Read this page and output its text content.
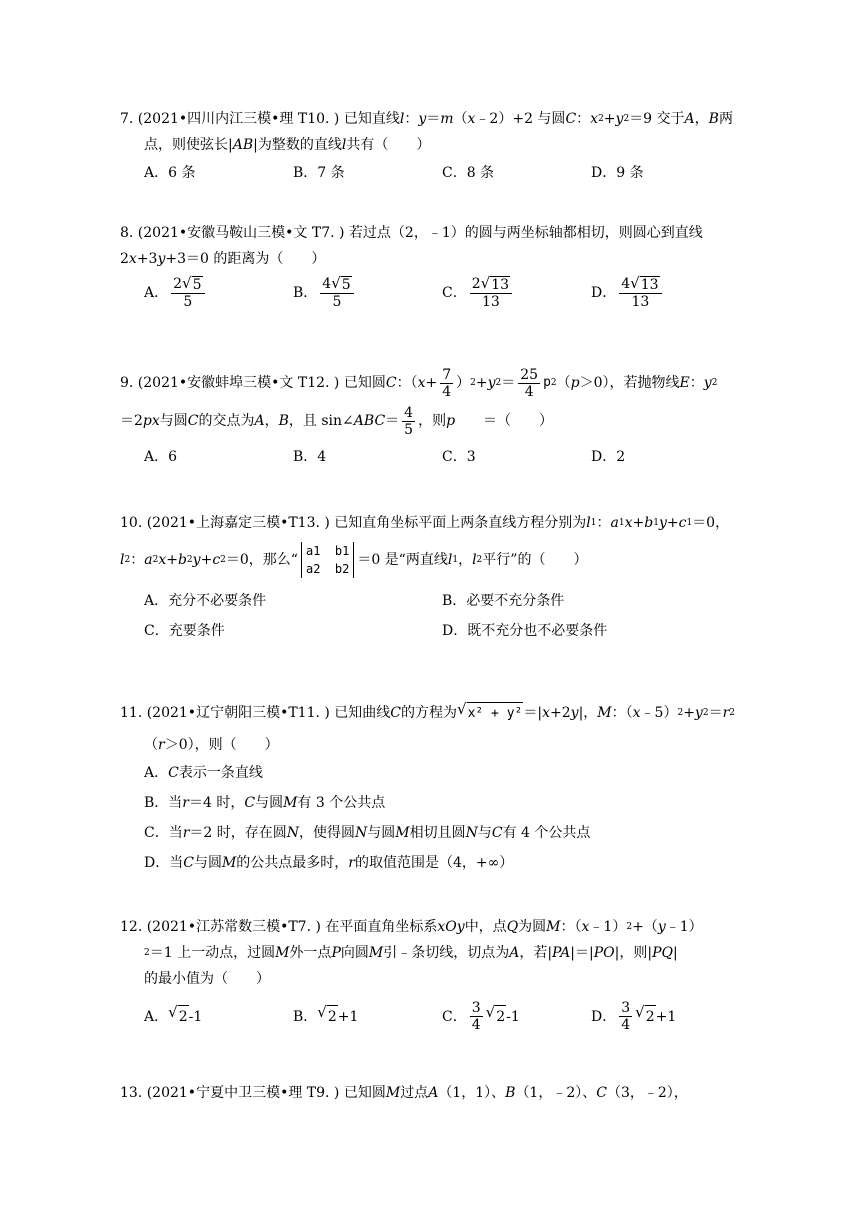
7. (2021•四川内江三模•理 T10. ) 已知直线 l ： y ＝ m （ x ﹣2）+2 与圆 C ： x 2 + y 2 ＝9 交于 A ， B 两
点，则使弦长| AB |为整数的直线 l 共有（　　）
A．6 条	B．7 条	C．8 条	D．9 条
8. (2021•安徽马鞍山三模•文 T7. ) 若过点（2，﹣1）的圆与两坐标轴都相切，则圆心到直线
2 x +3 y +3＝0 的距离为（　　）
A． $\frac{2 √ 5}{5}$	B． $\frac{4 √ 5}{5}$	C． $\frac{2 √ 13}{13}$	D． $\frac{4 √ 13}{13}$
9. (2021•安徽蚌埠三模•文 T12. ) 已知圆 C ：（ $x + \frac{7}{4}$ ） 2 + y $2 = \frac{25}{4}$ p 2 （ p ＞0），若抛物线 E ： y 2
＝2 px 与圆 C 的交点为 A ， B ，且 sin∠ ABC ＝ $\frac{4}{5}$ ，则 p 　　＝（　　）
A．6	B．4	C．3	D．2
10. (2021•上海嘉定三模•T13. ) 已知直角坐标平面上两条直线方程分别为 l 1 ： a 1 x + b 1 y + c 1 ＝0，
l 2 ： a 2 x + b 2 y + c 2 ＝0，那么“
a1  b1
a2  b2
＝0 是“两直线 l 1 ， l 2 平行”的（　　）
A．充分不必要条件	B．必要不充分条件
C．充要条件	D．既不充分也不必要条件
11. (2021•辽宁朝阳三模•T11. ) 已知曲线 C 的方程为 √ x² + y² ＝| x +2 y |， M ：（ x ﹣5） 2 + y 2 ＝ r 2
（ r ＞0），则（　　）
A． C 表示一条直线
B．当 r ＝4 时， C 与圆 M 有 3 个公共点
C．当 r ＝2 时，存在圆 N ，使得圆 N 与圆 M 相切且圆 N 与 C 有 4 个公共点
D．当 C 与圆 M 的公共点最多时， r 的取值范围是（4，+∞）
12. (2021•江苏常数三模•T7. ) 在平面直角坐标系 xOy 中，点 Q 为圆 M ：（ x ﹣1） 2 +（ y ﹣1）
2 ＝1 上一动点，过圆 M 外一点 P 向圆 M 引﹣条切线，切点为 A ，若| PA |＝| PO |，则| PQ |
的最小值为（　　）
A． √ 2 -1	B． √ 2 +1	C． $\frac{3}{4}$ √ 2 -1	D． $\frac{3}{4}$ √ 2 +1
13. (2021•宁夏中卫三模•理 T9. ) 已知圆 M 过点 A （1，1）、 B （1，﹣2）、 C （3，﹣2），
